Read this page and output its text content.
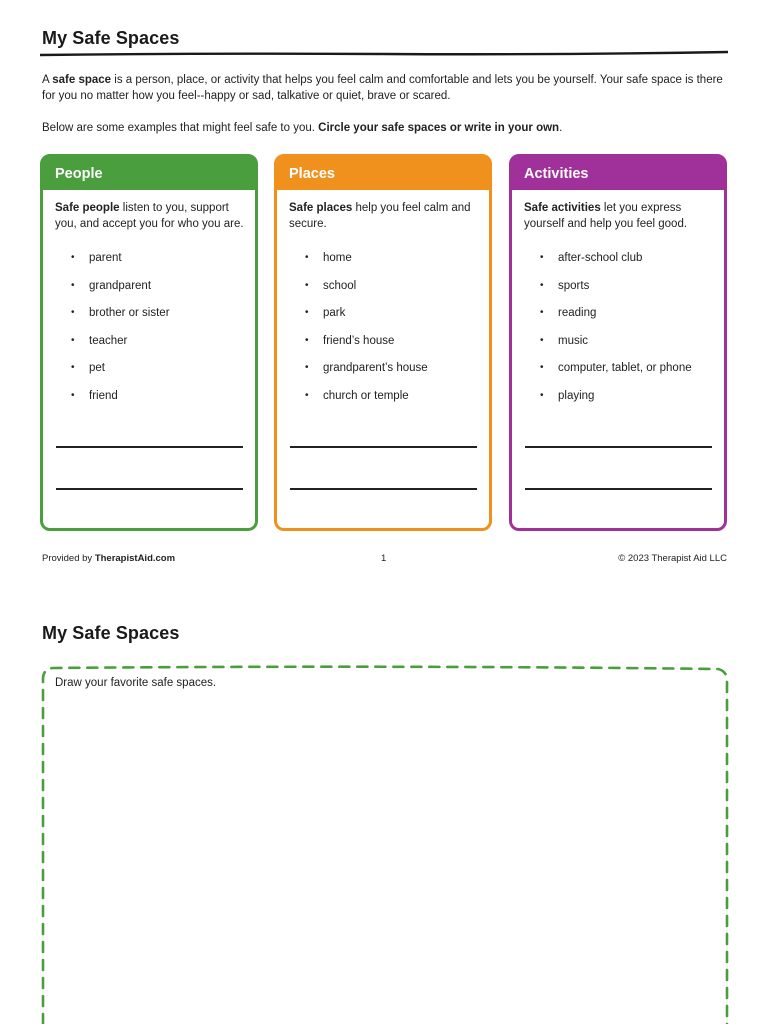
My Safe Spaces

A safe space is a person, place, or activity that helps you feel calm and comfortable and lets you be yourself. Your safe space is there for you no matter how you feel--happy or sad, talkative or quiet, brave or scared.

Below are some examples that might feel safe to you. Circle your safe spaces or write in your own.

People
Safe people listen to you, support you, and accept you for who you are.
• parent
• grandparent
• brother or sister
• teacher
• pet
• friend
Places
Safe places help you feel calm and secure.
• home
• school
• park
• friend’s house
• grandparent’s house
• church or temple
Activities
Safe activities let you express yourself and help you feel good.
• after-school club
• sports
• reading
• music
• computer, tablet, or phone
• playing
Provided by TherapistAid.com	1	© 2023 Therapist Aid LLC
My Safe Spaces
Draw your favorite safe spaces.
